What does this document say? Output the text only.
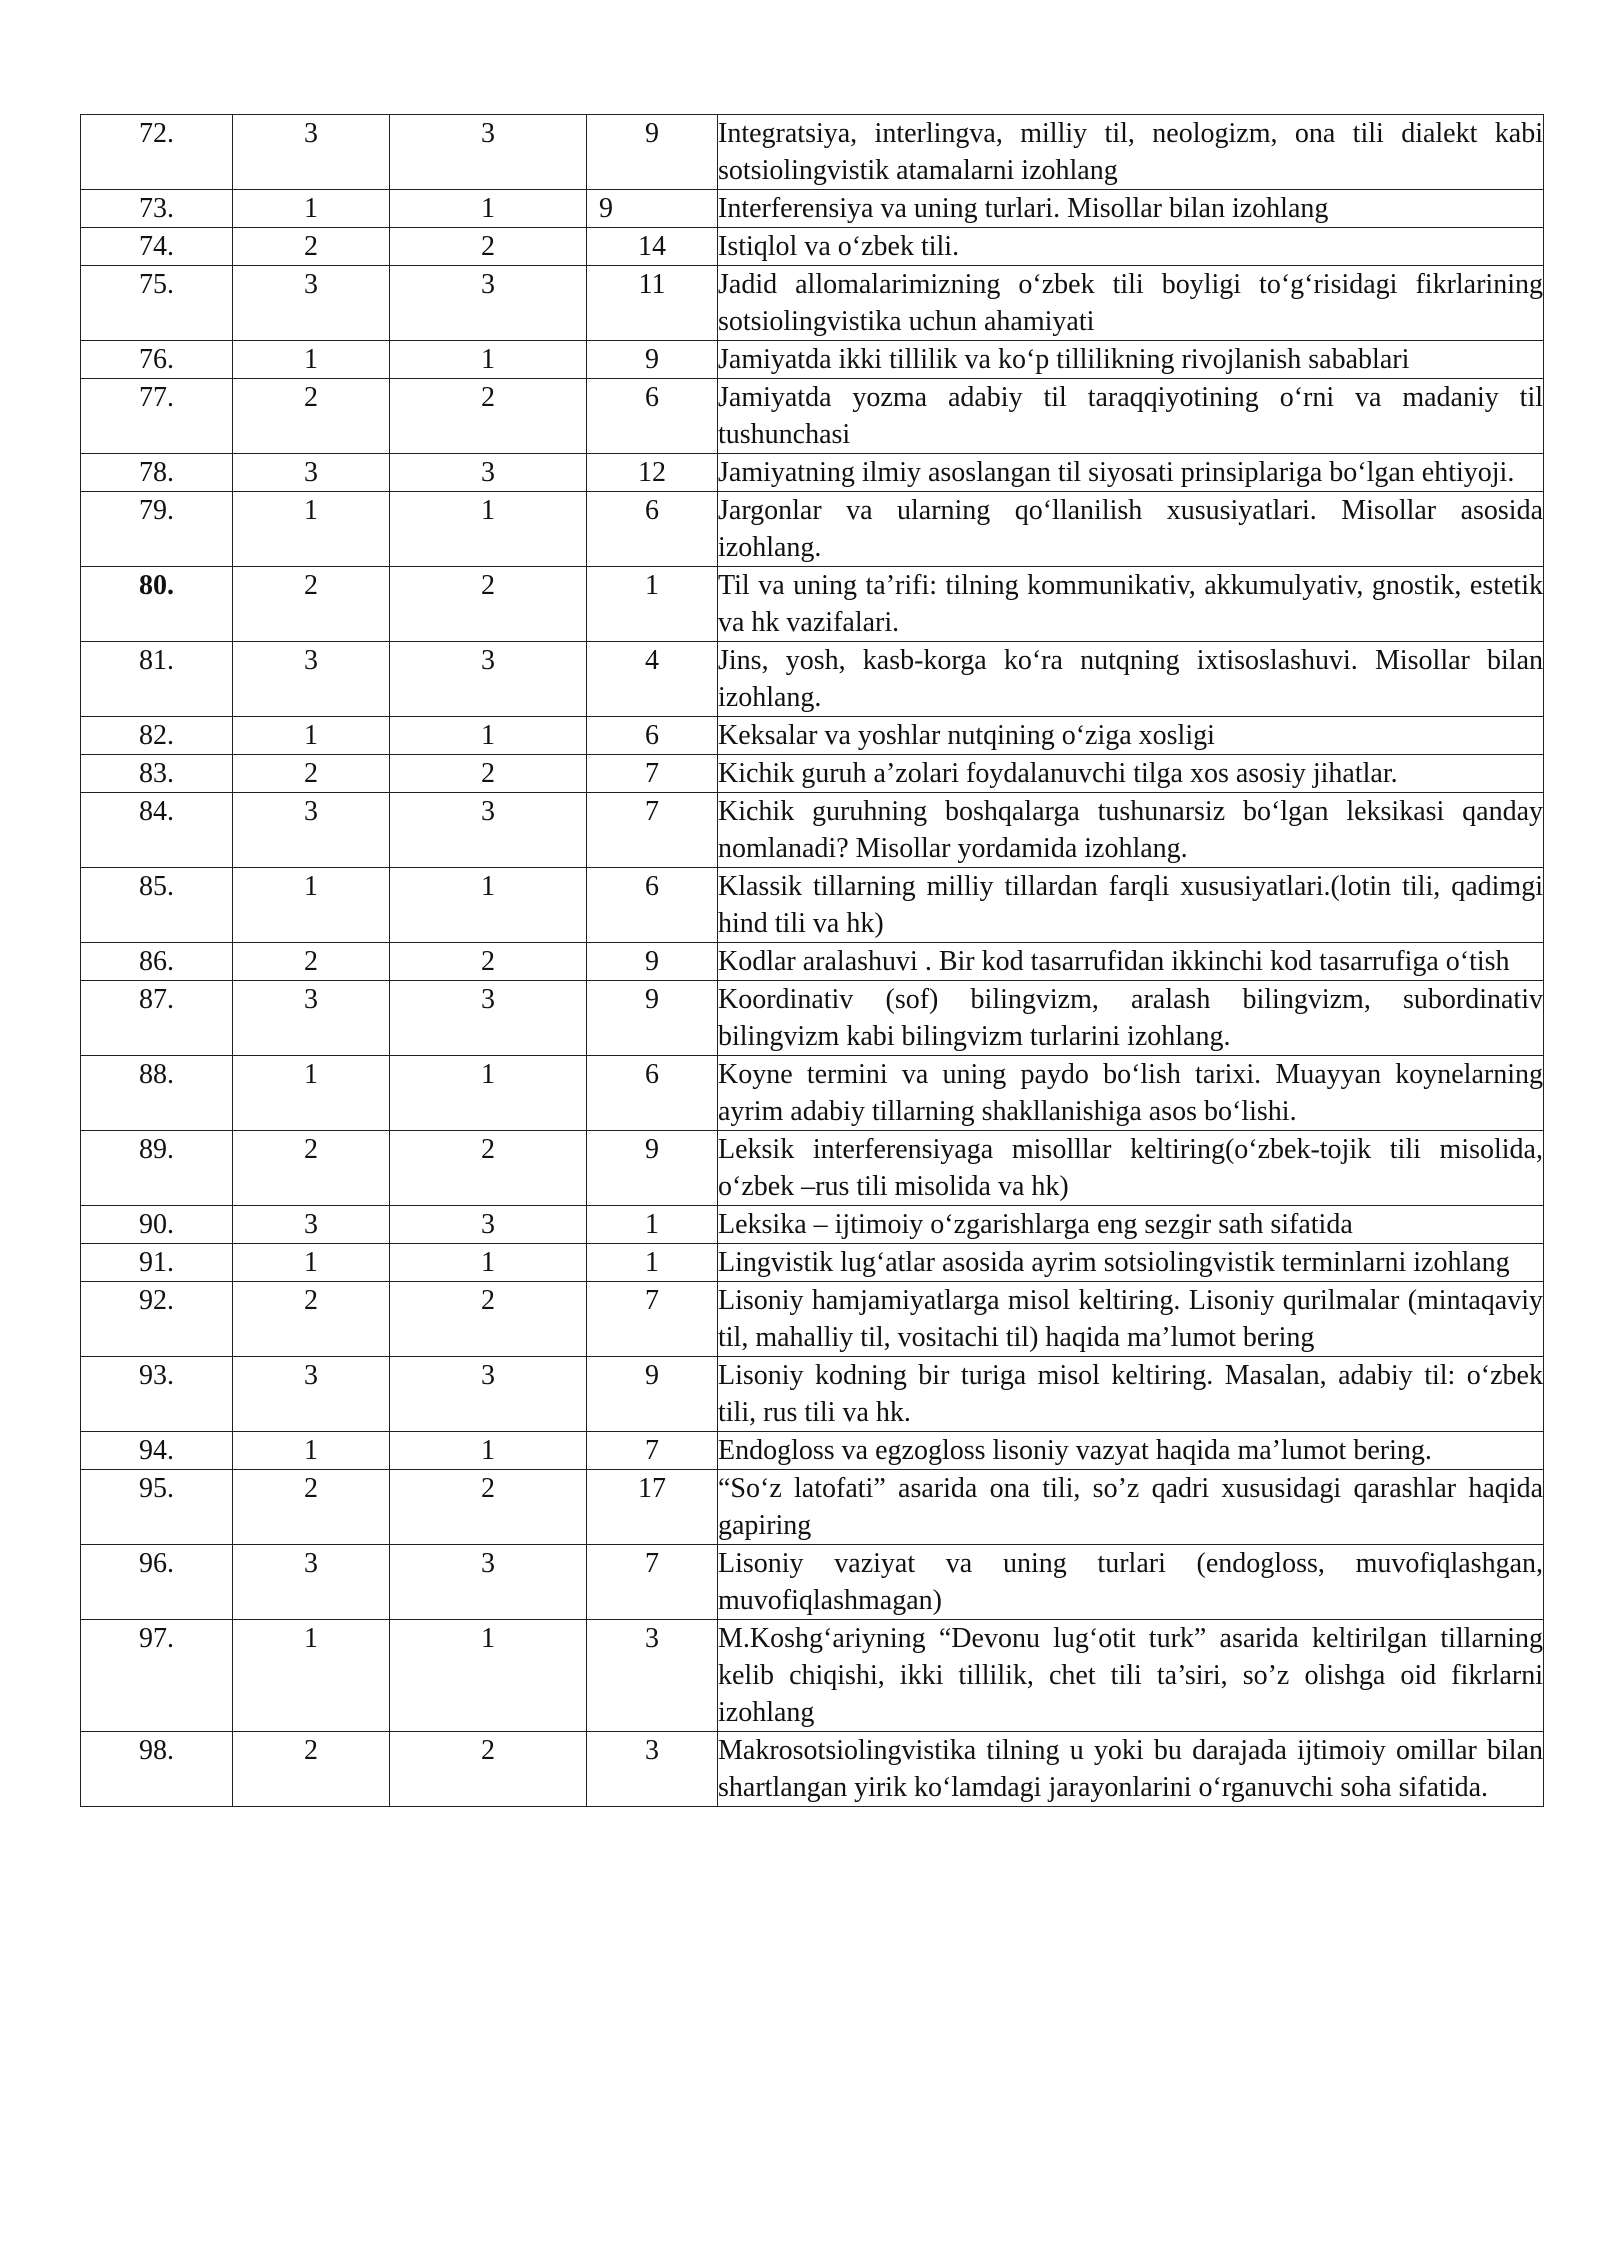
72.	3	3	9	Integratsiya, interlingva, milliy til, neologizm, ona tili dialekt kabi sotsiolingvistik atamalarni izohlang
73.	1	1	9	Interferensiya va uning turlari. Misollar bilan izohlang
74.	2	2	14	Istiqlol va o‘zbek tili.
75.	3	3	11	Jadid allomalarimizning o‘zbek tili boyligi to‘g‘risidagi fikrlarining sotsiolingvistika uchun ahamiyati
76.	1	1	9	Jamiyatda ikki tillilik va ko‘p tillilikning rivojlanish sabablari
77.	2	2	6	Jamiyatda yozma adabiy til taraqqiyotining o‘rni va madaniy til tushunchasi
78.	3	3	12	Jamiyatning ilmiy asoslangan til siyosati prinsiplariga bo‘lgan ehtiyoji.
79.	1	1	6	Jargonlar va ularning qo‘llanilish xususiyatlari. Misollar asosida izohlang.
80.	2	2	1	Til va uning ta’rifi: tilning kommunikativ, akkumulyativ, gnostik, estetik va hk vazifalari.
81.	3	3	4	Jins, yosh, kasb-korga ko‘ra nutqning ixtisoslashuvi. Misollar bilan izohlang.
82.	1	1	6	Keksalar va yoshlar nutqining o‘ziga xosligi
83.	2	2	7	Kichik guruh a’zolari foydalanuvchi tilga xos asosiy jihatlar.
84.	3	3	7	Kichik guruhning boshqalarga tushunarsiz bo‘lgan leksikasi qanday nomlanadi? Misollar yordamida izohlang.
85.	1	1	6	Klassik tillarning milliy tillardan farqli xususiyatlari.(lotin tili, qadimgi hind tili va hk)
86.	2	2	9	Kodlar aralashuvi . Bir kod tasarrufidan ikkinchi kod tasarrufiga o‘tish
87.	3	3	9	Koordinativ (sof) bilingvizm, aralash bilingvizm, subordinativ bilingvizm kabi bilingvizm turlarini izohlang.
88.	1	1	6	Koyne termini va uning paydo bo‘lish tarixi. Muayyan koynelarning ayrim adabiy tillarning shakllanishiga asos bo‘lishi.
89.	2	2	9	Leksik interferensiyaga misolllar keltiring(o‘zbek-tojik tili misolida, o‘zbek –rus tili misolida va hk)
90.	3	3	1	Leksika – ijtimoiy o‘zgarishlarga eng sezgir sath sifatida
91.	1	1	1	Lingvistik lug‘atlar asosida ayrim sotsiolingvistik terminlarni izohlang
92.	2	2	7	Lisoniy hamjamiyatlarga misol keltiring. Lisoniy qurilmalar (mintaqaviy til, mahalliy til, vositachi til) haqida ma’lumot bering
93.	3	3	9	Lisoniy kodning bir turiga misol keltiring. Masalan, adabiy til: o‘zbek tili, rus tili va hk.
94.	1	1	7	Endogloss va egzogloss lisoniy vazyat haqida ma’lumot bering.
95.	2	2	17	“So‘z latofati” asarida ona tili, so’z qadri xususidagi qarashlar haqida gapiring
96.	3	3	7	Lisoniy vaziyat va uning turlari (endogloss, muvofiqlashgan, muvofiqlashmagan)
97.	1	1	3	M.Koshg‘ariyning “Devonu lug‘otit turk” asarida keltirilgan tillarning kelib chiqishi, ikki tillilik, chet tili ta’siri, so’z olishga oid fikrlarni izohlang
98.	2	2	3	Makrosotsiolingvistika tilning u yoki bu darajada ijtimoiy omillar bilan shartlangan yirik ko‘lamdagi jarayonlarini o‘rganuvchi soha sifatida.
